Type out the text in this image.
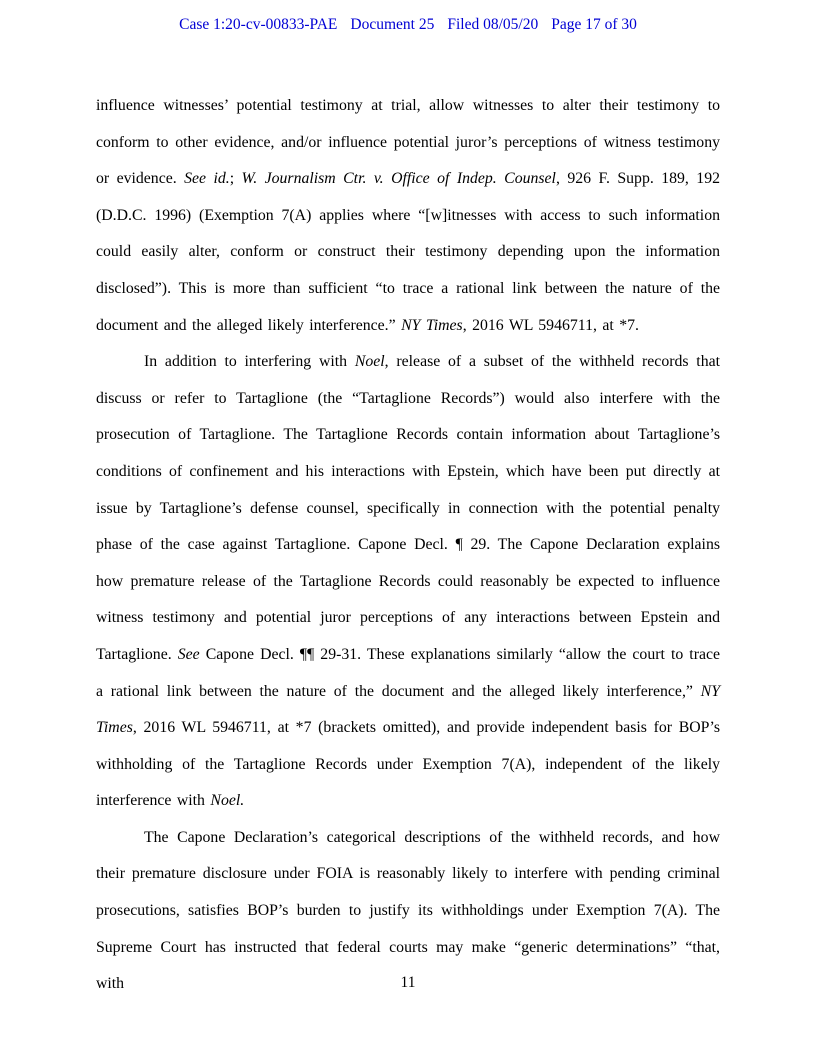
Case 1:20-cv-00833-PAE Document 25 Filed 08/05/20 Page 17 of 30

influence witnesses’ potential testimony at trial, allow witnesses to alter their testimony to conform to other evidence, and/or influence potential juror’s perceptions of witness testimony or evidence. See id.; W. Journalism Ctr. v. Office of Indep. Counsel, 926 F. Supp. 189, 192 (D.D.C. 1996) (Exemption 7(A) applies where “[w]itnesses with access to such information could easily alter, conform or construct their testimony depending upon the information disclosed”). This is more than sufficient “to trace a rational link between the nature of the document and the alleged likely interference.” NY Times, 2016 WL 5946711, at *7.

In addition to interfering with Noel, release of a subset of the withheld records that discuss or refer to Tartaglione (the “Tartaglione Records”) would also interfere with the prosecution of Tartaglione. The Tartaglione Records contain information about Tartaglione’s conditions of confinement and his interactions with Epstein, which have been put directly at issue by Tartaglione’s defense counsel, specifically in connection with the potential penalty phase of the case against Tartaglione. Capone Decl. ¶ 29. The Capone Declaration explains how premature release of the Tartaglione Records could reasonably be expected to influence witness testimony and potential juror perceptions of any interactions between Epstein and Tartaglione. See Capone Decl. ¶¶ 29-31. These explanations similarly “allow the court to trace a rational link between the nature of the document and the alleged likely interference,” NY Times, 2016 WL 5946711, at *7 (brackets omitted), and provide independent basis for BOP’s withholding of the Tartaglione Records under Exemption 7(A), independent of the likely interference with Noel.

The Capone Declaration’s categorical descriptions of the withheld records, and how their premature disclosure under FOIA is reasonably likely to interfere with pending criminal prosecutions, satisfies BOP’s burden to justify its withholdings under Exemption 7(A). The Supreme Court has instructed that federal courts may make “generic determinations” “that, with	11
